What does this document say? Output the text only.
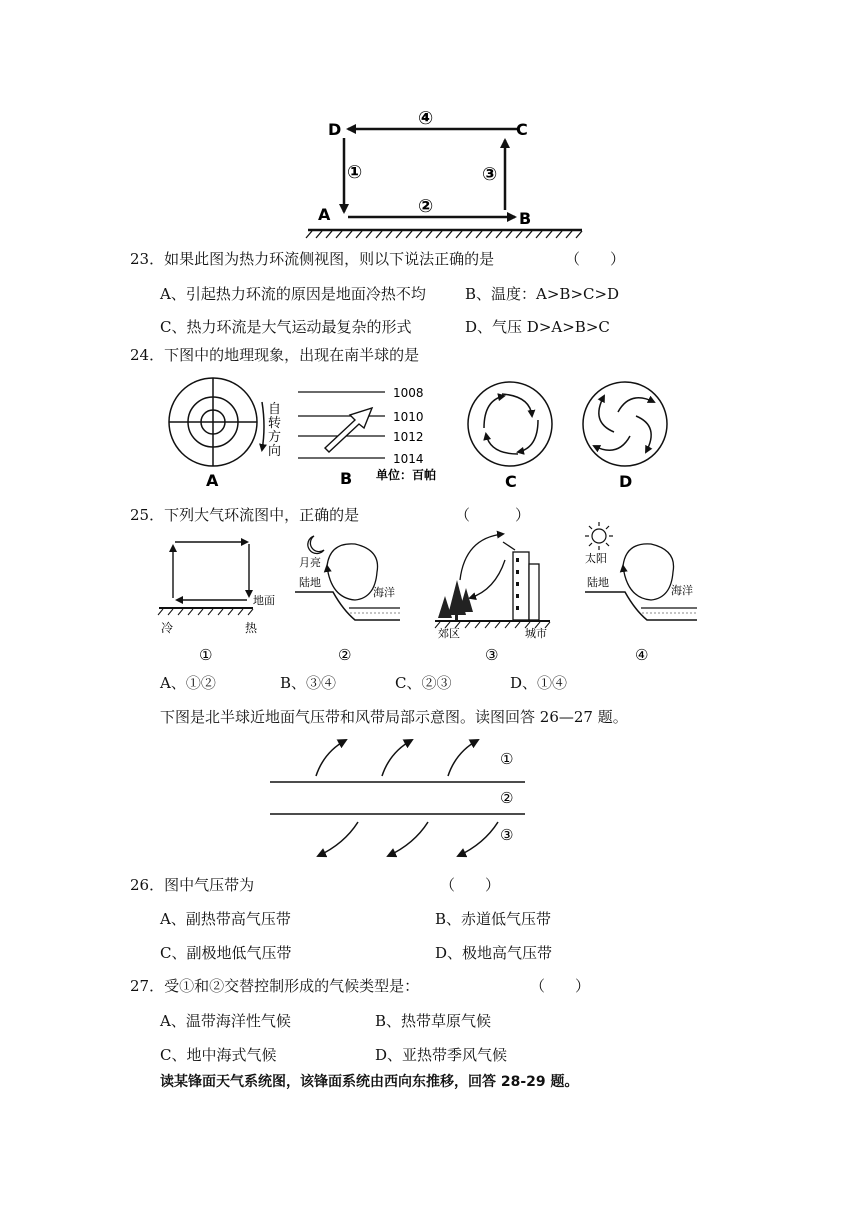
D	C
A	B
④
①
②
③
23．如果此图为热力环流侧视图，则以下说法正确的是	（　　）
A、引起热力环流的原因是地面冷热不均	B、温度：A>B>C>D
C、热力环流是大气运动最复杂的形式	D、气压 D>A>B>C
24．下图中的地理现象，出现在南半球的是
自
转
方
向
A
1008
1010
1012
1014
B 单位：百帕	C	D
25．下列大气环流图中，正确的是	（　　　）
地面
冷	热
①
月亮
陆地
海洋
②
郊区	城市
③
太阳
陆地
海洋
④
A、①②	B、③④	C、②③	D、①④
下图是北半球近地面气压带和风带局部示意图。读图回答 26—27 题。
①
②
③
26．图中气压带为	（　　）
A、副热带高气压带	B、赤道低气压带
C、副极地低气压带	D、极地高气压带
27．受①和②交替控制形成的气候类型是：	（　　）
A、温带海洋性气候	B、热带草原气候
C、地中海式气候	D、亚热带季风气候
读某锋面天气系统图，该锋面系统由西向东推移，回答 28-29 题。
